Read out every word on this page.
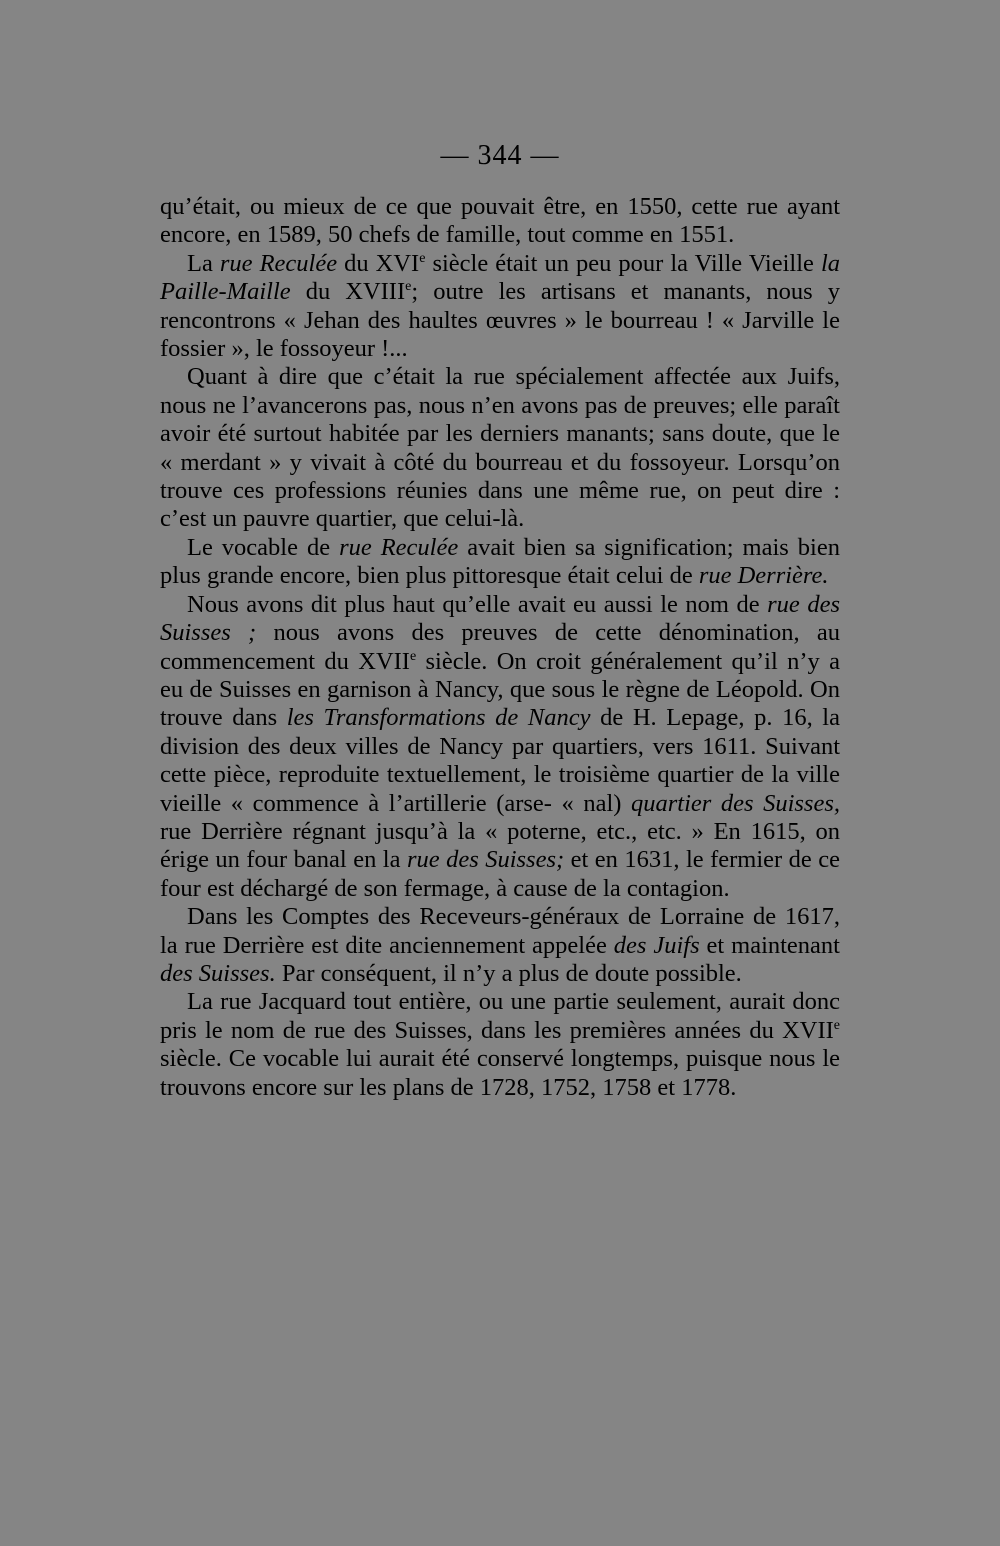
— 344 —

qu’était, ou mieux de ce que pouvait être, en 1550, cette rue ayant encore, en 1589, 50 chefs de famille, tout comme en 1551.

La rue Reculée du XVIe siècle était un peu pour la Ville Vieille la Paille-Maille du XVIIIe; outre les artisans et manants, nous y rencontrons « Jehan des haultes œuvres » le bourreau ! « Jarville le fossier », le fossoyeur !...

Quant à dire que c’était la rue spécialement affectée aux Juifs, nous ne l’avancerons pas, nous n’en avons pas de preuves; elle paraît avoir été surtout habitée par les derniers manants; sans doute, que le « merdant » y vivait à côté du bourreau et du fossoyeur. Lorsqu’on trouve ces professions réunies dans une même rue, on peut dire : c’est un pauvre quartier, que celui-là.

Le vocable de rue Reculée avait bien sa signification; mais bien plus grande encore, bien plus pittoresque était celui de rue Derrière.

Nous avons dit plus haut qu’elle avait eu aussi le nom de rue des Suisses ; nous avons des preuves de cette dénomination, au commencement du XVIIe siècle. On croit généralement qu’il n’y a eu de Suisses en garnison à Nancy, que sous le règne de Léopold. On trouve dans les Transformations de Nancy de H. Lepage, p. 16, la division des deux villes de Nancy par quartiers, vers 1611. Suivant cette pièce, reproduite textuellement, le troisième quartier de la ville vieille « commence à l’artillerie (arse- « nal) quartier des Suisses, rue Derrière régnant jusqu’à la « poterne, etc., etc. » En 1615, on érige un four banal en la rue des Suisses; et en 1631, le fermier de ce four est déchargé de son fermage, à cause de la contagion.

Dans les Comptes des Receveurs-généraux de Lorraine de 1617, la rue Derrière est dite anciennement appelée des Juifs et maintenant des Suisses. Par conséquent, il n’y a plus de doute possible.

La rue Jacquard tout entière, ou une partie seulement, aurait donc pris le nom de rue des Suisses, dans les premières années du XVIIe siècle. Ce vocable lui aurait été conservé longtemps, puisque nous le trouvons encore sur les plans de 1728, 1752, 1758 et 1778.
